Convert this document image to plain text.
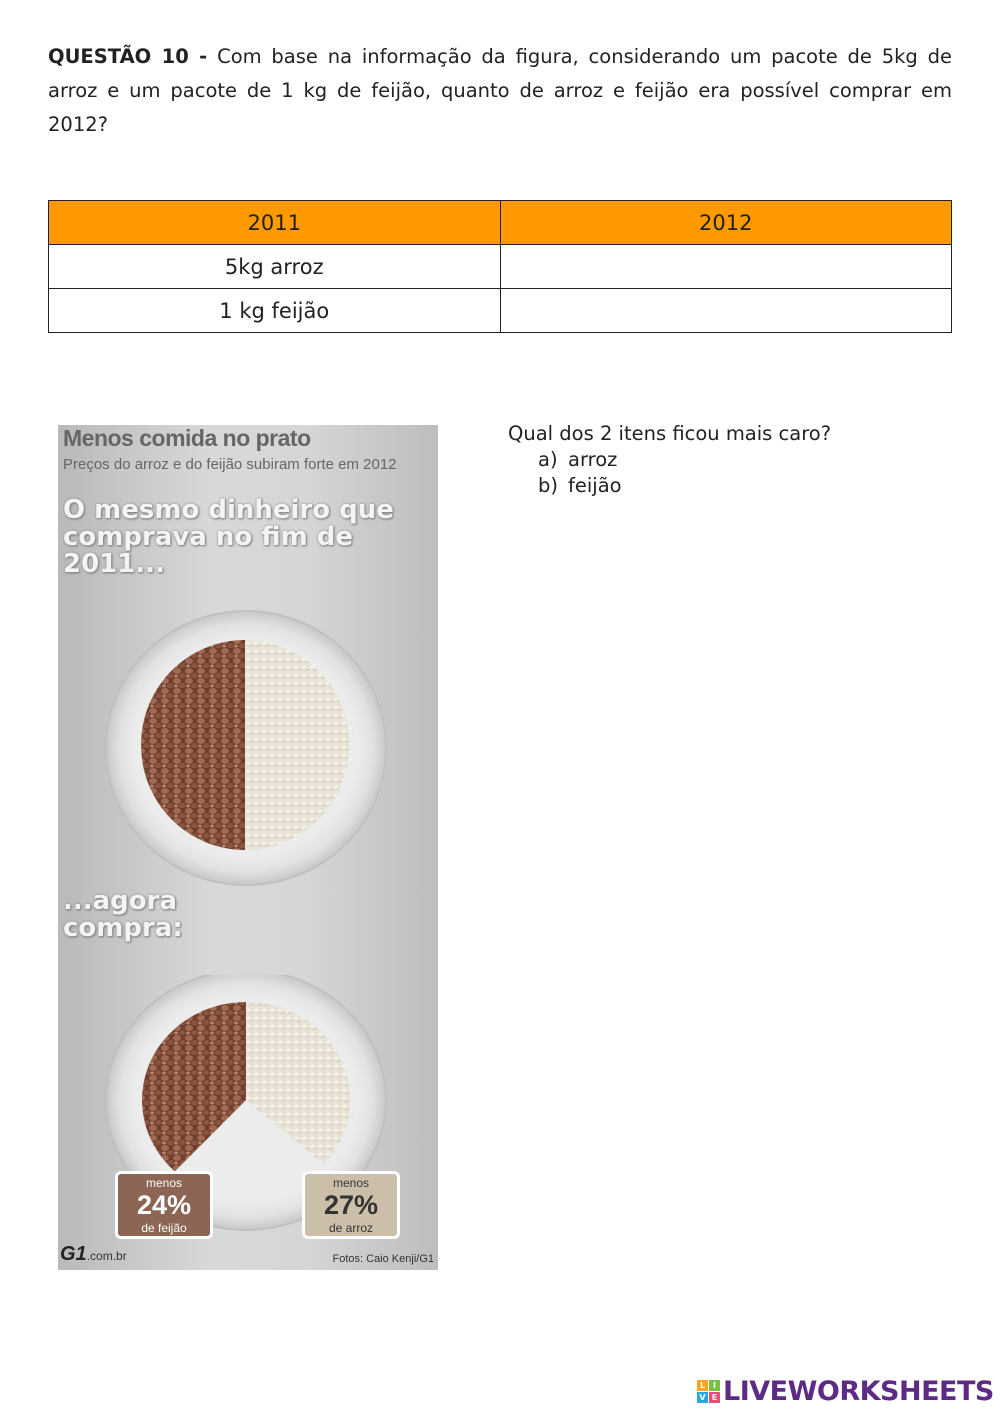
QUESTÃO 10 - Com base na informação da figura, considerando um pacote de 5kg de arroz e um pacote de 1 kg de feijão, quanto de arroz e feijão era possível comprar em 2012?

2011	2012
5kg arroz	
1 kg feijão	
Menos comida no prato
Preços do arroz e do feijão subiram forte em 2012
O mesmo dinheiro que comprava no fim de 2011...
...agora compra:
menos
24%
de feijão
menos
27%
de arroz
G1.com.br	Fotos: Caio Kenji/G1

Qual dos 2 itens ficou mais caro?

a) arroz
b) feijão
L I
V E LIVEWORKSHEETS
